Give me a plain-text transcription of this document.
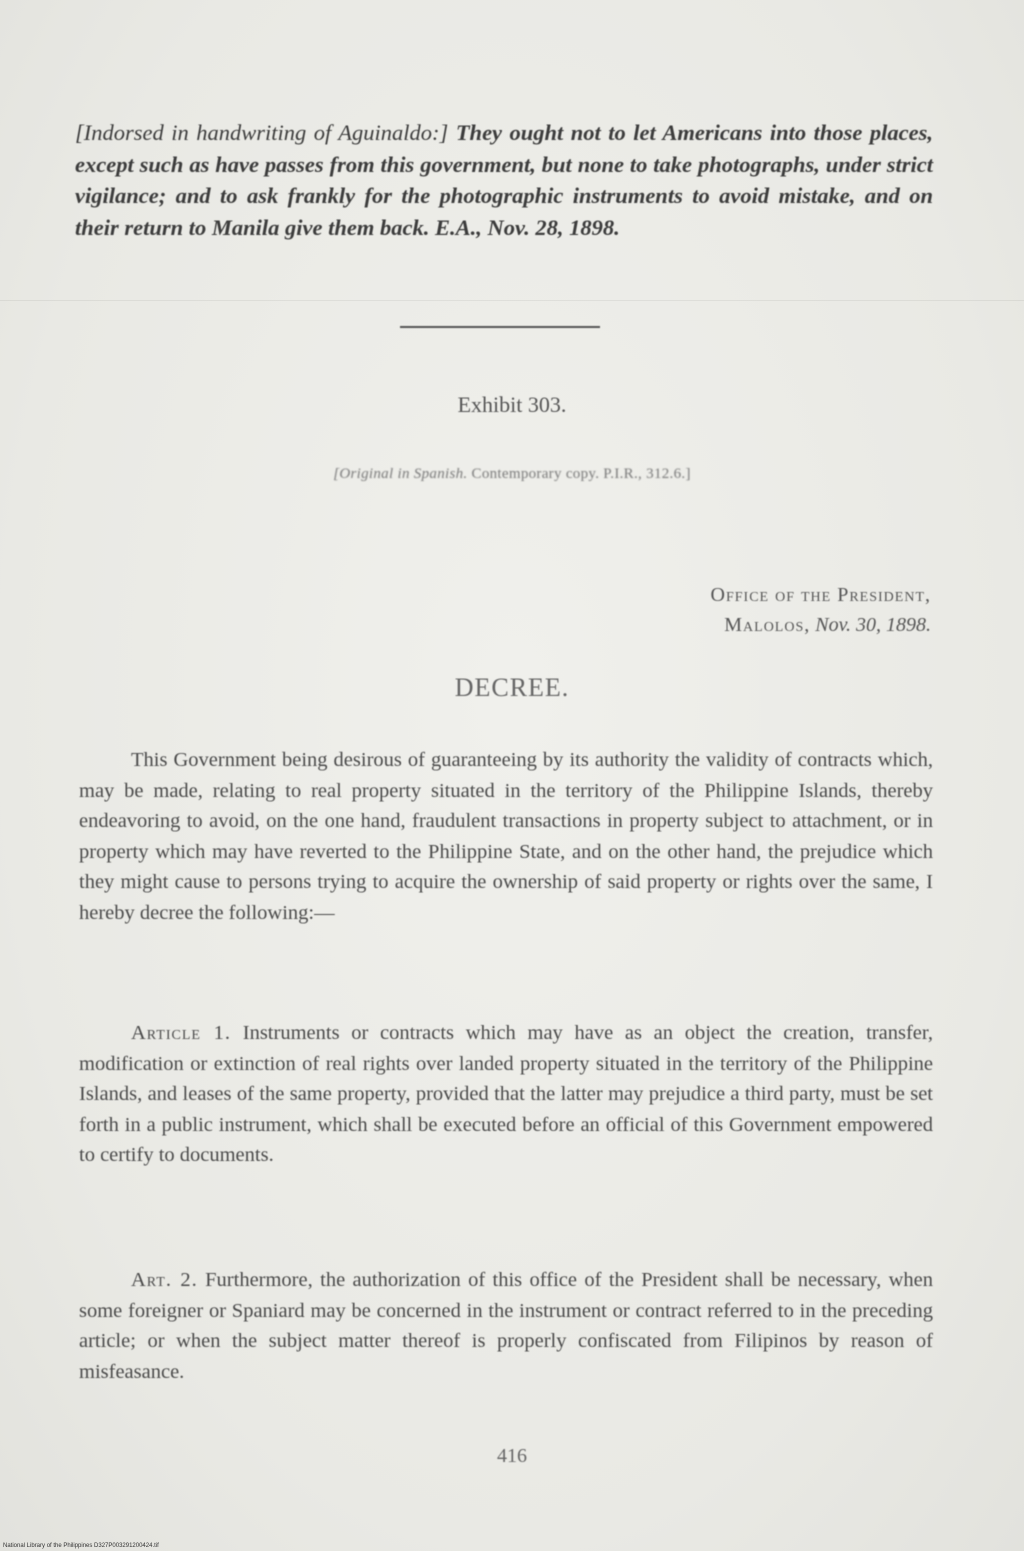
[Indorsed in handwriting of Aguinaldo:] They ought not to let Americans into those places, except such as have passes from this government, but none to take photographs, under strict vigilance; and to ask frankly for the photographic instruments to avoid mistake, and on their return to Manila give them back. E.A., Nov. 28, 1898.
Exhibit 303.
[Original in Spanish. Contemporary copy. P.I.R., 312.6.]
Office of the President,
Malolos, Nov. 30, 1898.
DECREE.
This Government being desirous of guaranteeing by its authority the validity of contracts which, may be made, relating to real property situated in the territory of the Philippine Islands, thereby endeavoring to avoid, on the one hand, fraudulent transactions in property subject to attachment, or in property which may have reverted to the Philippine State, and on the other hand, the prejudice which they might cause to persons trying to acquire the ownership of said property or rights over the same, I hereby decree the following:—
Article 1. Instruments or contracts which may have as an object the creation, transfer, modification or extinction of real rights over landed property situated in the territory of the Philippine Islands, and leases of the same property, provided that the latter may prejudice a third party, must be set forth in a public instrument, which shall be executed before an official of this Government empowered to certify to documents.
Art. 2. Furthermore, the authorization of this office of the President shall be necessary, when some foreigner or Spaniard may be concerned in the instrument or contract referred to in the preceding article; or when the subject matter thereof is properly confiscated from Filipinos by reason of misfeasance.
416
National Library of the Philippines D327P003291200424.tif
